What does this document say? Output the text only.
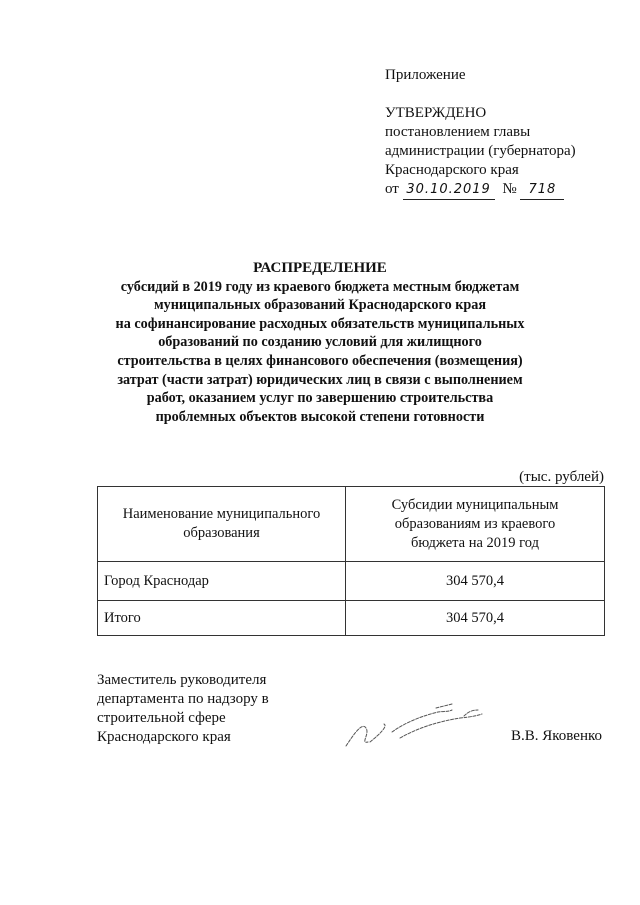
Приложение
УТВЕРЖДЕНО
постановлением главы
администрации (губернатора)
Краснодарского края
от 30.10.2019 № 718
РАСПРЕДЕЛЕНИЕ
субсидий в 2019 году из краевого бюджета местным бюджетам
муниципальных образований Краснодарского края
на софинансирование расходных обязательств муниципальных
образований по созданию условий для жилищного
строительства в целях финансового обеспечения (возмещения)
затрат (части затрат) юридических лиц в связи с выполнением
работ, оказанием услуг по завершению строительства
проблемных объектов высокой степени готовности
(тыс. рублей)
Наименование муниципального образования	Субсидии муниципальным образованиям из краевого бюджета на 2019 год

Город Краснодар	304 570,4
Итого	304 570,4
Заместитель руководителя
департамента по надзору в
строительной сфере
Краснодарского края	В.В. Яковенко
